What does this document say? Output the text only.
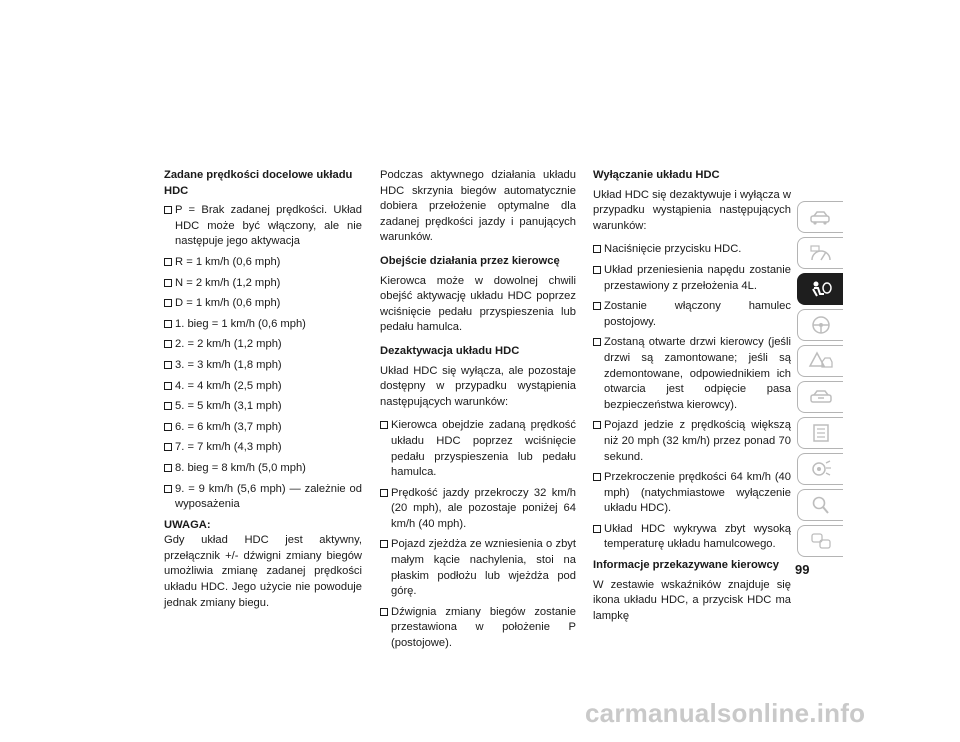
Zadane prędkości docelowe układu HDC
P = Brak zadanej prędkości. Układ HDC może być włączony, ale nie następuje jego aktywacja
R = 1 km/h (0,6 mph)
N = 2 km/h (1,2 mph)
D = 1 km/h (0,6 mph)
1. bieg = 1 km/h (0,6 mph)
2. = 2 km/h (1,2 mph)
3. = 3 km/h (1,8 mph)
4. = 4 km/h (2,5 mph)
5. = 5 km/h (3,1 mph)
6. = 6 km/h (3,7 mph)
7. = 7 km/h (4,3 mph)
8. bieg = 8 km/h (5,0 mph)
9. = 9 km/h (5,6 mph) — zależnie od wyposażenia
UWAGA:
Gdy układ HDC jest aktywny, przełącznik +/- dźwigni zmiany biegów umożliwia zmianę zadanej prędkości układu HDC. Jego użycie nie powoduje jednak zmiany biegu.
Podczas aktywnego działania układu HDC skrzynia biegów automatycznie dobiera przełożenie optymalne dla zadanej prędkości jazdy i panujących warunków.
Obejście działania przez kierowcę
Kierowca może w dowolnej chwili obejść aktywację układu HDC poprzez wciśnięcie pedału przyspieszenia lub pedału hamulca.
Dezaktywacja układu HDC
Układ HDC się wyłącza, ale pozostaje dostępny w przypadku wystąpienia następujących warunków:
Kierowca obejdzie zadaną prędkość układu HDC poprzez wciśnięcie pedału przyspieszenia lub pedału hamulca.
Prędkość jazdy przekroczy 32 km/h (20 mph), ale pozostaje poniżej 64 km/h (40 mph).
Pojazd zjeżdża ze wzniesienia o zbyt małym kącie nachylenia, stoi na płaskim podłożu lub wjeżdża pod górę.
Dźwignia zmiany biegów zostanie przestawiona w położenie P (postojowe).
Wyłączanie układu HDC
Układ HDC się dezaktywuje i wyłącza w przypadku wystąpienia następujących warunków:
Naciśnięcie przycisku HDC.
Układ przeniesienia napędu zostanie przestawiony z przełożenia 4L.
Zostanie włączony hamulec postojowy.
Zostaną otwarte drzwi kierowcy (jeśli drzwi są zamontowane; jeśli są zdemontowane, odpowiednikiem ich otwarcia jest odpięcie pasa bezpieczeństwa kierowcy).
Pojazd jedzie z prędkością większą niż 20 mph (32 km/h) przez ponad 70 sekund.
Przekroczenie prędkości 64 km/h (40 mph) (natychmiastowe wyłączenie układu HDC).
Układ HDC wykrywa zbyt wysoką temperaturę układu hamulcowego.
Informacje przekazywane kierowcy
W zestawie wskaźników znajduje się ikona układu HDC, a przycisk HDC ma lampkę
99
carmanualsonline.info
